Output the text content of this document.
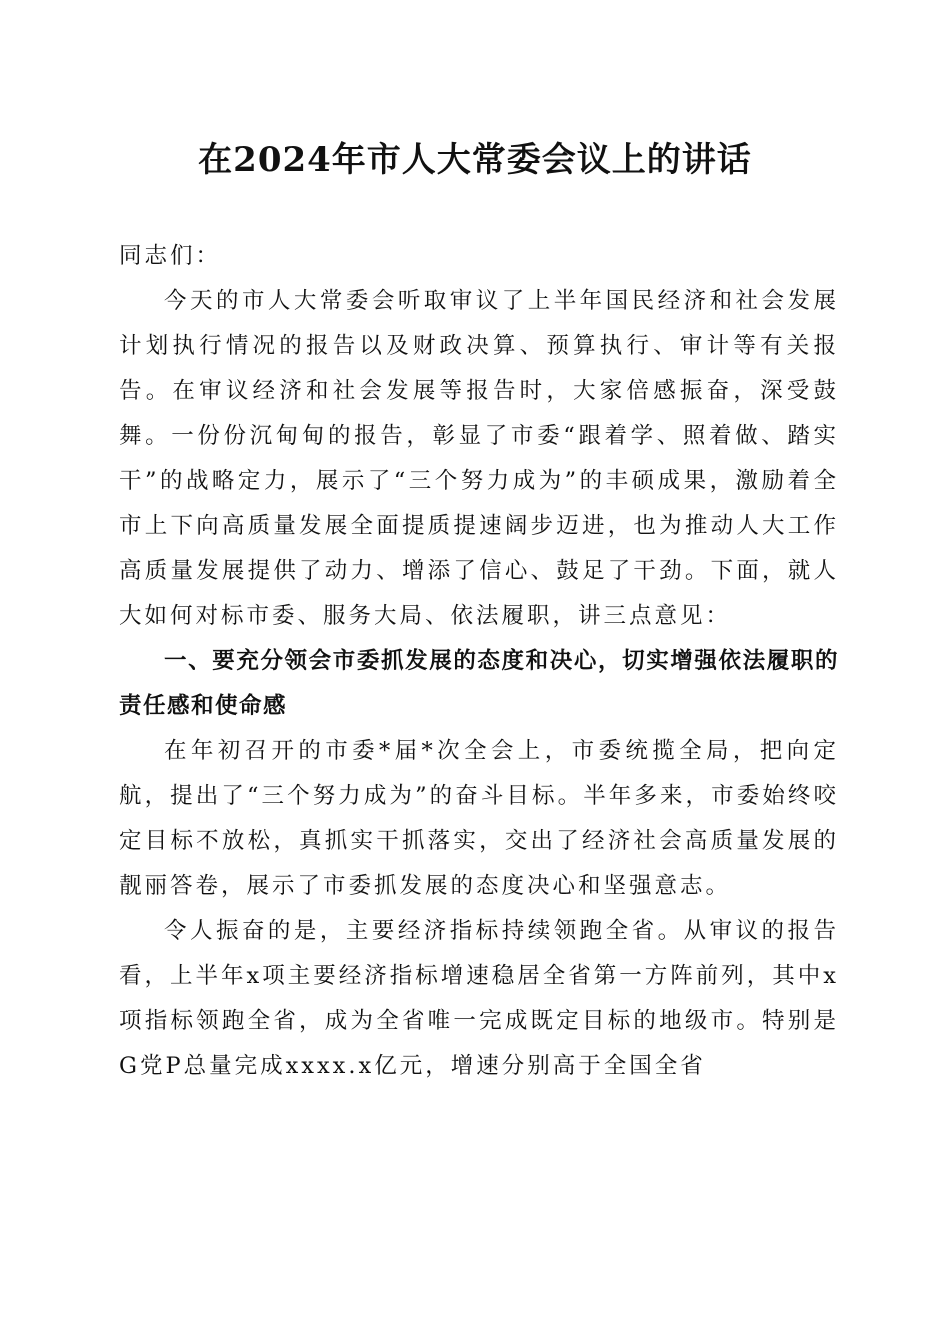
在2024年市人大常委会议上的讲话

同志们：

今天的市人大常委会听取审议了上半年国民经济和社会发展计划执行情况的报告以及财政决算、预算执行、审计等有关报告。在审议经济和社会发展等报告时，大家倍感振奋，深受鼓舞。一份份沉甸甸的报告，彰显了市委“跟着学、照着做、踏实干”的战略定力，展示了“三个努力成为”的丰硕成果，激励着全市上下向高质量发展全面提质提速阔步迈进，也为推动人大工作高质量发展提供了动力、增添了信心、鼓足了干劲。下面，就人大如何对标市委、服务大局、依法履职，讲三点意见：

一、要充分领会市委抓发展的态度和决心，切实增强依法履职的责任感和使命感

在年初召开的市委*届*次全会上，市委统揽全局，把向定航，提出了“三个努力成为”的奋斗目标。半年多来，市委始终咬定目标不放松，真抓实干抓落实，交出了经济社会高质量发展的靓丽答卷，展示了市委抓发展的态度决心和坚强意志。

令人振奋的是，主要经济指标持续领跑全省。从审议的报告看，上半年x项主要经济指标增速稳居全省第一方阵前列，其中x项指标领跑全省，成为全省唯一完成既定目标的地级市。特别是G党P总量完成xxxx.x亿元，增速分别高于全国全省
